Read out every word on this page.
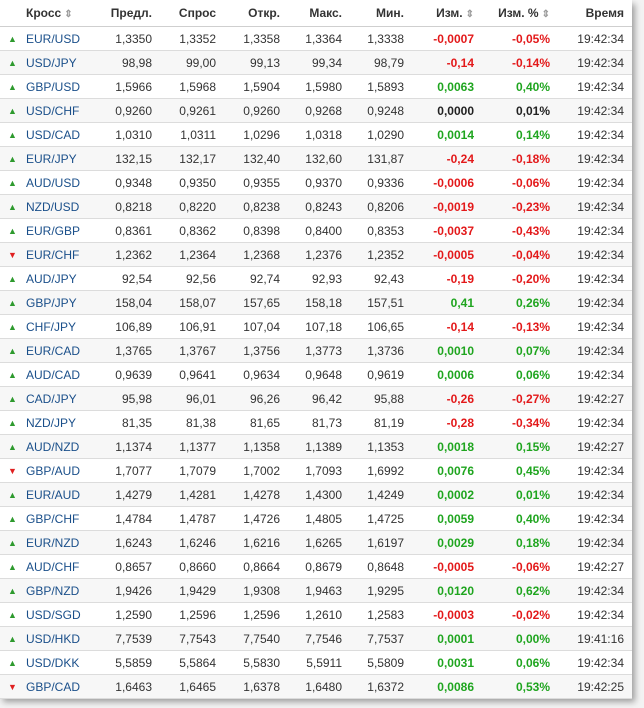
Кросс ⇕	Предл.	Спрос	Откр.	Макс.	Мин.	Изм. ⇕	Изм. % ⇕	Время
▲ EUR/USD	1,3350	1,3352	1,3358	1,3364	1,3338	-0,0007	-0,05%	19:42:34
▲ USD/JPY	98,98	99,00	99,13	99,34	98,79	-0,14	-0,14%	19:42:34
▲ GBP/USD	1,5966	1,5968	1,5904	1,5980	1,5893	0,0063	0,40%	19:42:34
▲ USD/CHF	0,9260	0,9261	0,9260	0,9268	0,9248	0,0000	0,01%	19:42:34
▲ USD/CAD	1,0310	1,0311	1,0296	1,0318	1,0290	0,0014	0,14%	19:42:34
▲ EUR/JPY	132,15	132,17	132,40	132,60	131,87	-0,24	-0,18%	19:42:34
▲ AUD/USD	0,9348	0,9350	0,9355	0,9370	0,9336	-0,0006	-0,06%	19:42:34
▲ NZD/USD	0,8218	0,8220	0,8238	0,8243	0,8206	-0,0019	-0,23%	19:42:34
▲ EUR/GBP	0,8361	0,8362	0,8398	0,8400	0,8353	-0,0037	-0,43%	19:42:34
▼ EUR/CHF	1,2362	1,2364	1,2368	1,2376	1,2352	-0,0005	-0,04%	19:42:34
▲ AUD/JPY	92,54	92,56	92,74	92,93	92,43	-0,19	-0,20%	19:42:34
▲ GBP/JPY	158,04	158,07	157,65	158,18	157,51	0,41	0,26%	19:42:34
▲ CHF/JPY	106,89	106,91	107,04	107,18	106,65	-0,14	-0,13%	19:42:34
▲ EUR/CAD	1,3765	1,3767	1,3756	1,3773	1,3736	0,0010	0,07%	19:42:34
▲ AUD/CAD	0,9639	0,9641	0,9634	0,9648	0,9619	0,0006	0,06%	19:42:34
▲ CAD/JPY	95,98	96,01	96,26	96,42	95,88	-0,26	-0,27%	19:42:27
▲ NZD/JPY	81,35	81,38	81,65	81,73	81,19	-0,28	-0,34%	19:42:34
▲ AUD/NZD	1,1374	1,1377	1,1358	1,1389	1,1353	0,0018	0,15%	19:42:27
▼ GBP/AUD	1,7077	1,7079	1,7002	1,7093	1,6992	0,0076	0,45%	19:42:34
▲ EUR/AUD	1,4279	1,4281	1,4278	1,4300	1,4249	0,0002	0,01%	19:42:34
▲ GBP/CHF	1,4784	1,4787	1,4726	1,4805	1,4725	0,0059	0,40%	19:42:34
▲ EUR/NZD	1,6243	1,6246	1,6216	1,6265	1,6197	0,0029	0,18%	19:42:34
▲ AUD/CHF	0,8657	0,8660	0,8664	0,8679	0,8648	-0,0005	-0,06%	19:42:27
▲ GBP/NZD	1,9426	1,9429	1,9308	1,9463	1,9295	0,0120	0,62%	19:42:34
▲ USD/SGD	1,2590	1,2596	1,2596	1,2610	1,2583	-0,0003	-0,02%	19:42:34
▲ USD/HKD	7,7539	7,7543	7,7540	7,7546	7,7537	0,0001	0,00%	19:41:16
▲ USD/DKK	5,5859	5,5864	5,5830	5,5911	5,5809	0,0031	0,06%	19:42:34
▼ GBP/CAD	1,6463	1,6465	1,6378	1,6480	1,6372	0,0086	0,53%	19:42:25
